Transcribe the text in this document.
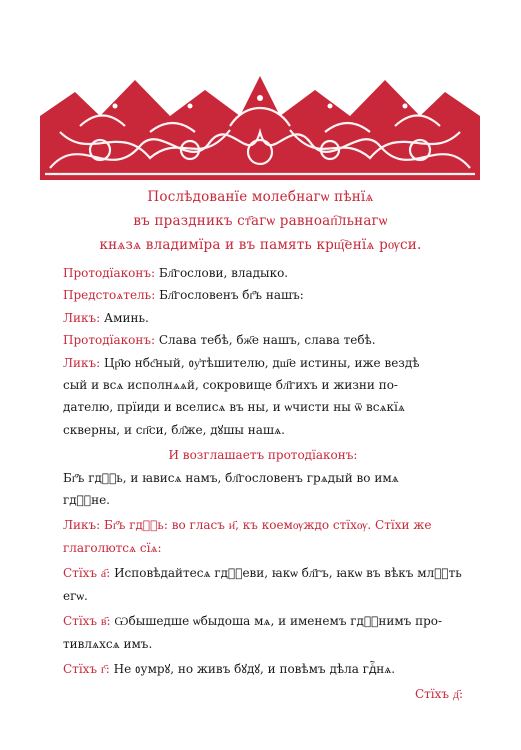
Послѣдованїе молебнагѡ пѣнїѧ
въ праздникъ ст҃агѡ равноап҇льнагѡ
кнѧзѧ владимїра и въ память крщ҇енїѧ рѹси.
Протодїаконъ: Бл҃гослови, владыко.
Предстоѧтель: Бл҃гословенъ бг҃ъ нашъ:
Ликъ: Аминь.
Протодїаконъ: Слава тебѣ, бж҃е нашъ, слава тебѣ.
Ликъ: Цр҃ю нбс҃ный, ᲂу҆тѣшителю, дш҃е истины, иже вездѣ
сый и всѧ исполнѧѧй, сокровище бл҃гихъ и жизни по-
дателю, прїиди и вселисѧ въ ны, и ѡчисти ны ѿ всѧкїѧ
скверны, и сп҃си, бл҃же, дꙋшы нашѧ.
И возглашаетъ протодїаконъ:
Бг҃ъ гдⷭ҇ь, и ꙗвисѧ намъ, бл҃гословенъ грѧдый во имѧ
гдⷭ҇не.
Ликъ: Бг҃ъ гдⷭ҇ь: во гласъ и҃, къ коемѹждо стїхѹ. Стїхи же
глаголютсѧ сїѧ:
Стїхъ а҃: Исповѣдайтесѧ гдⷭ҇еви, ꙗкѡ бл҃гъ, ꙗкѡ въ вѣкъ млⷭ҇ть
егѡ.
Стїхъ в҃: Ѡбышедше ѡбыдоша мѧ, и именемъ гдⷭ҇нимъ про-
тивлѧхсѧ имъ.
Стїхъ г҃: Не ᲂумрꙋ, но живъ бꙋдꙋ, и повѣмъ дѣла гдⷭ҇нѧ.
Стїхъ д҃:
